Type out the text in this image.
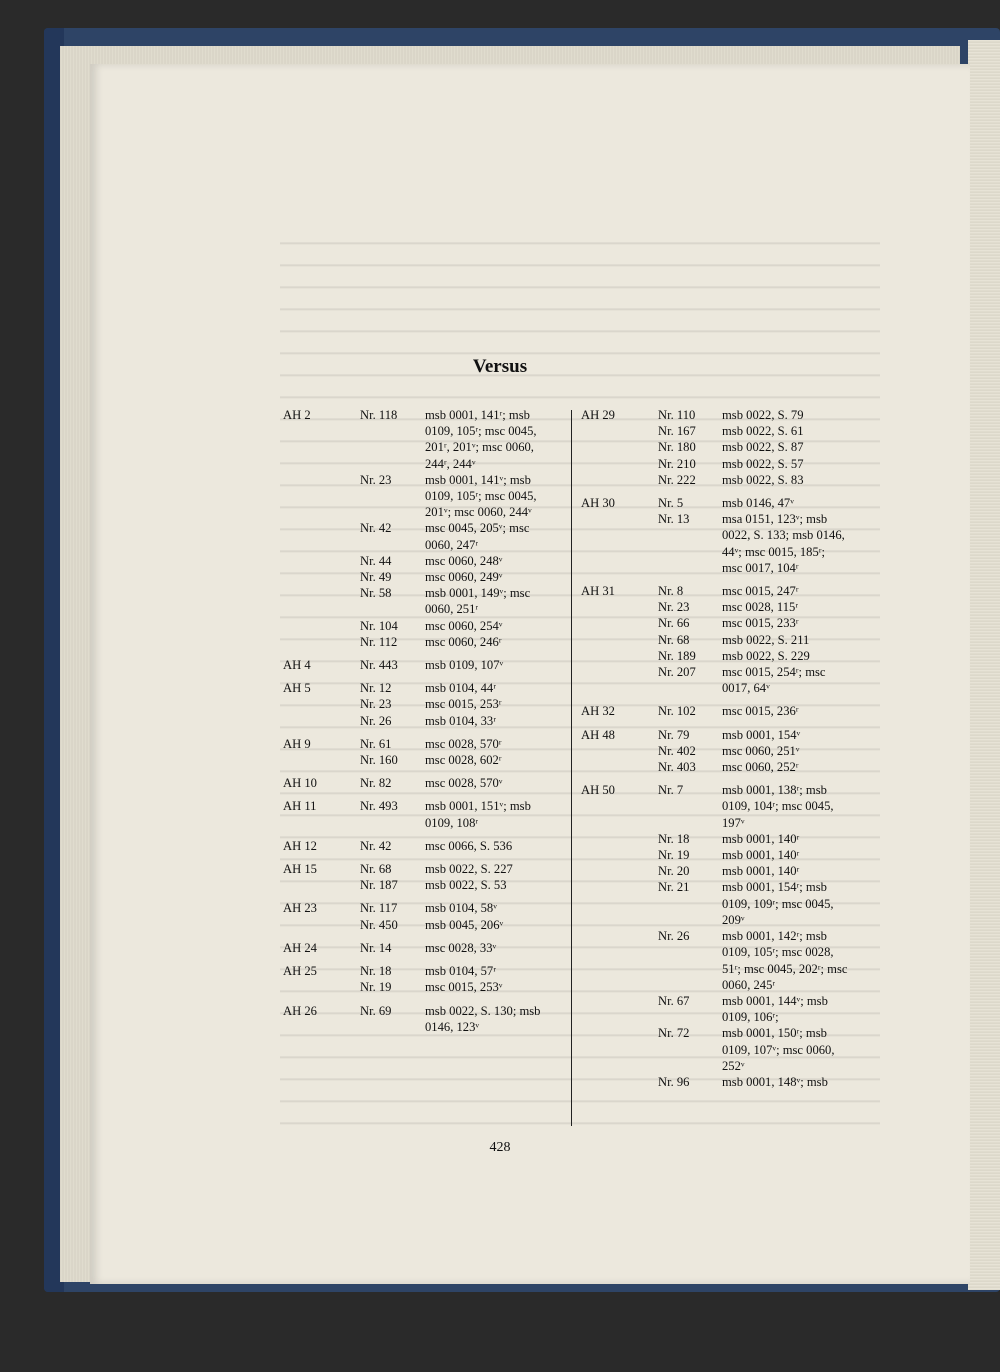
Versus
AH 2	Nr. 118	msb 0001, 141ʳ; msb
0109, 105ʳ; msc 0045,
201ʳ, 201ᵛ; msc 0060,
244ʳ, 244ᵛ
Nr. 23	msb 0001, 141ᵛ; msb
0109, 105ʳ; msc 0045,
201ᵛ; msc 0060, 244ᵛ
Nr. 42	msc 0045, 205ᵛ; msc
0060, 247ʳ
Nr. 44	msc 0060, 248ᵛ
Nr. 49	msc 0060, 249ᵛ
Nr. 58	msb 0001, 149ᵛ; msc
0060, 251ʳ
Nr. 104	msc 0060, 254ᵛ
Nr. 112	msc 0060, 246ʳ
AH 4	Nr. 443	msb 0109, 107ᵛ
AH 5	Nr. 12	msb 0104, 44ʳ
Nr. 23	msc 0015, 253ʳ
Nr. 26	msb 0104, 33ʳ
AH 9	Nr. 61	msc 0028, 570ʳ
Nr. 160	msc 0028, 602ʳ
AH 10	Nr. 82	msc 0028, 570ᵛ
AH 11	Nr. 493	msb 0001, 151ᵛ; msb
0109, 108ʳ
AH 12	Nr. 42	msc 0066, S. 536
AH 15	Nr. 68	msb 0022, S. 227
Nr. 187	msb 0022, S. 53
AH 23	Nr. 117	msb 0104, 58ᵛ
Nr. 450	msb 0045, 206ᵛ
AH 24	Nr. 14	msc 0028, 33ᵛ
AH 25	Nr. 18	msb 0104, 57ʳ
Nr. 19	msc 0015, 253ᵛ
AH 26	Nr. 69	msb 0022, S. 130; msb
0146, 123ᵛ
AH 29	Nr. 110	msb 0022, S. 79
Nr. 167	msb 0022, S. 61
Nr. 180	msb 0022, S. 87
Nr. 210	msb 0022, S. 57
Nr. 222	msb 0022, S. 83
AH 30	Nr. 5	msb 0146, 47ᵛ
Nr. 13	msa 0151, 123ᵛ; msb
0022, S. 133; msb 0146,
44ᵛ; msc 0015, 185ʳ;
msc 0017, 104ʳ
AH 31	Nr. 8	msc 0015, 247ʳ
Nr. 23	msc 0028, 115ʳ
Nr. 66	msc 0015, 233ʳ
Nr. 68	msb 0022, S. 211
Nr. 189	msb 0022, S. 229
Nr. 207	msc 0015, 254ʳ; msc
0017, 64ᵛ
AH 32	Nr. 102	msc 0015, 236ʳ
AH 48	Nr. 79	msb 0001, 154ᵛ
Nr. 402	msc 0060, 251ᵛ
Nr. 403	msc 0060, 252ʳ
AH 50	Nr. 7	msb 0001, 138ʳ; msb
0109, 104ʳ; msc 0045,
197ᵛ
Nr. 18	msb 0001, 140ʳ
Nr. 19	msb 0001, 140ʳ
Nr. 20	msb 0001, 140ʳ
Nr. 21	msb 0001, 154ʳ; msb
0109, 109ʳ; msc 0045,
209ᵛ
Nr. 26	msb 0001, 142ʳ; msb
0109, 105ʳ; msc 0028,
51ʳ; msc 0045, 202ʳ; msc
0060, 245ʳ
Nr. 67	msb 0001, 144ᵛ; msb
0109, 106ʳ;
Nr. 72	msb 0001, 150ʳ; msb
0109, 107ᵛ; msc 0060,
252ᵛ
Nr. 96	msb 0001, 148ᵛ; msb
428
